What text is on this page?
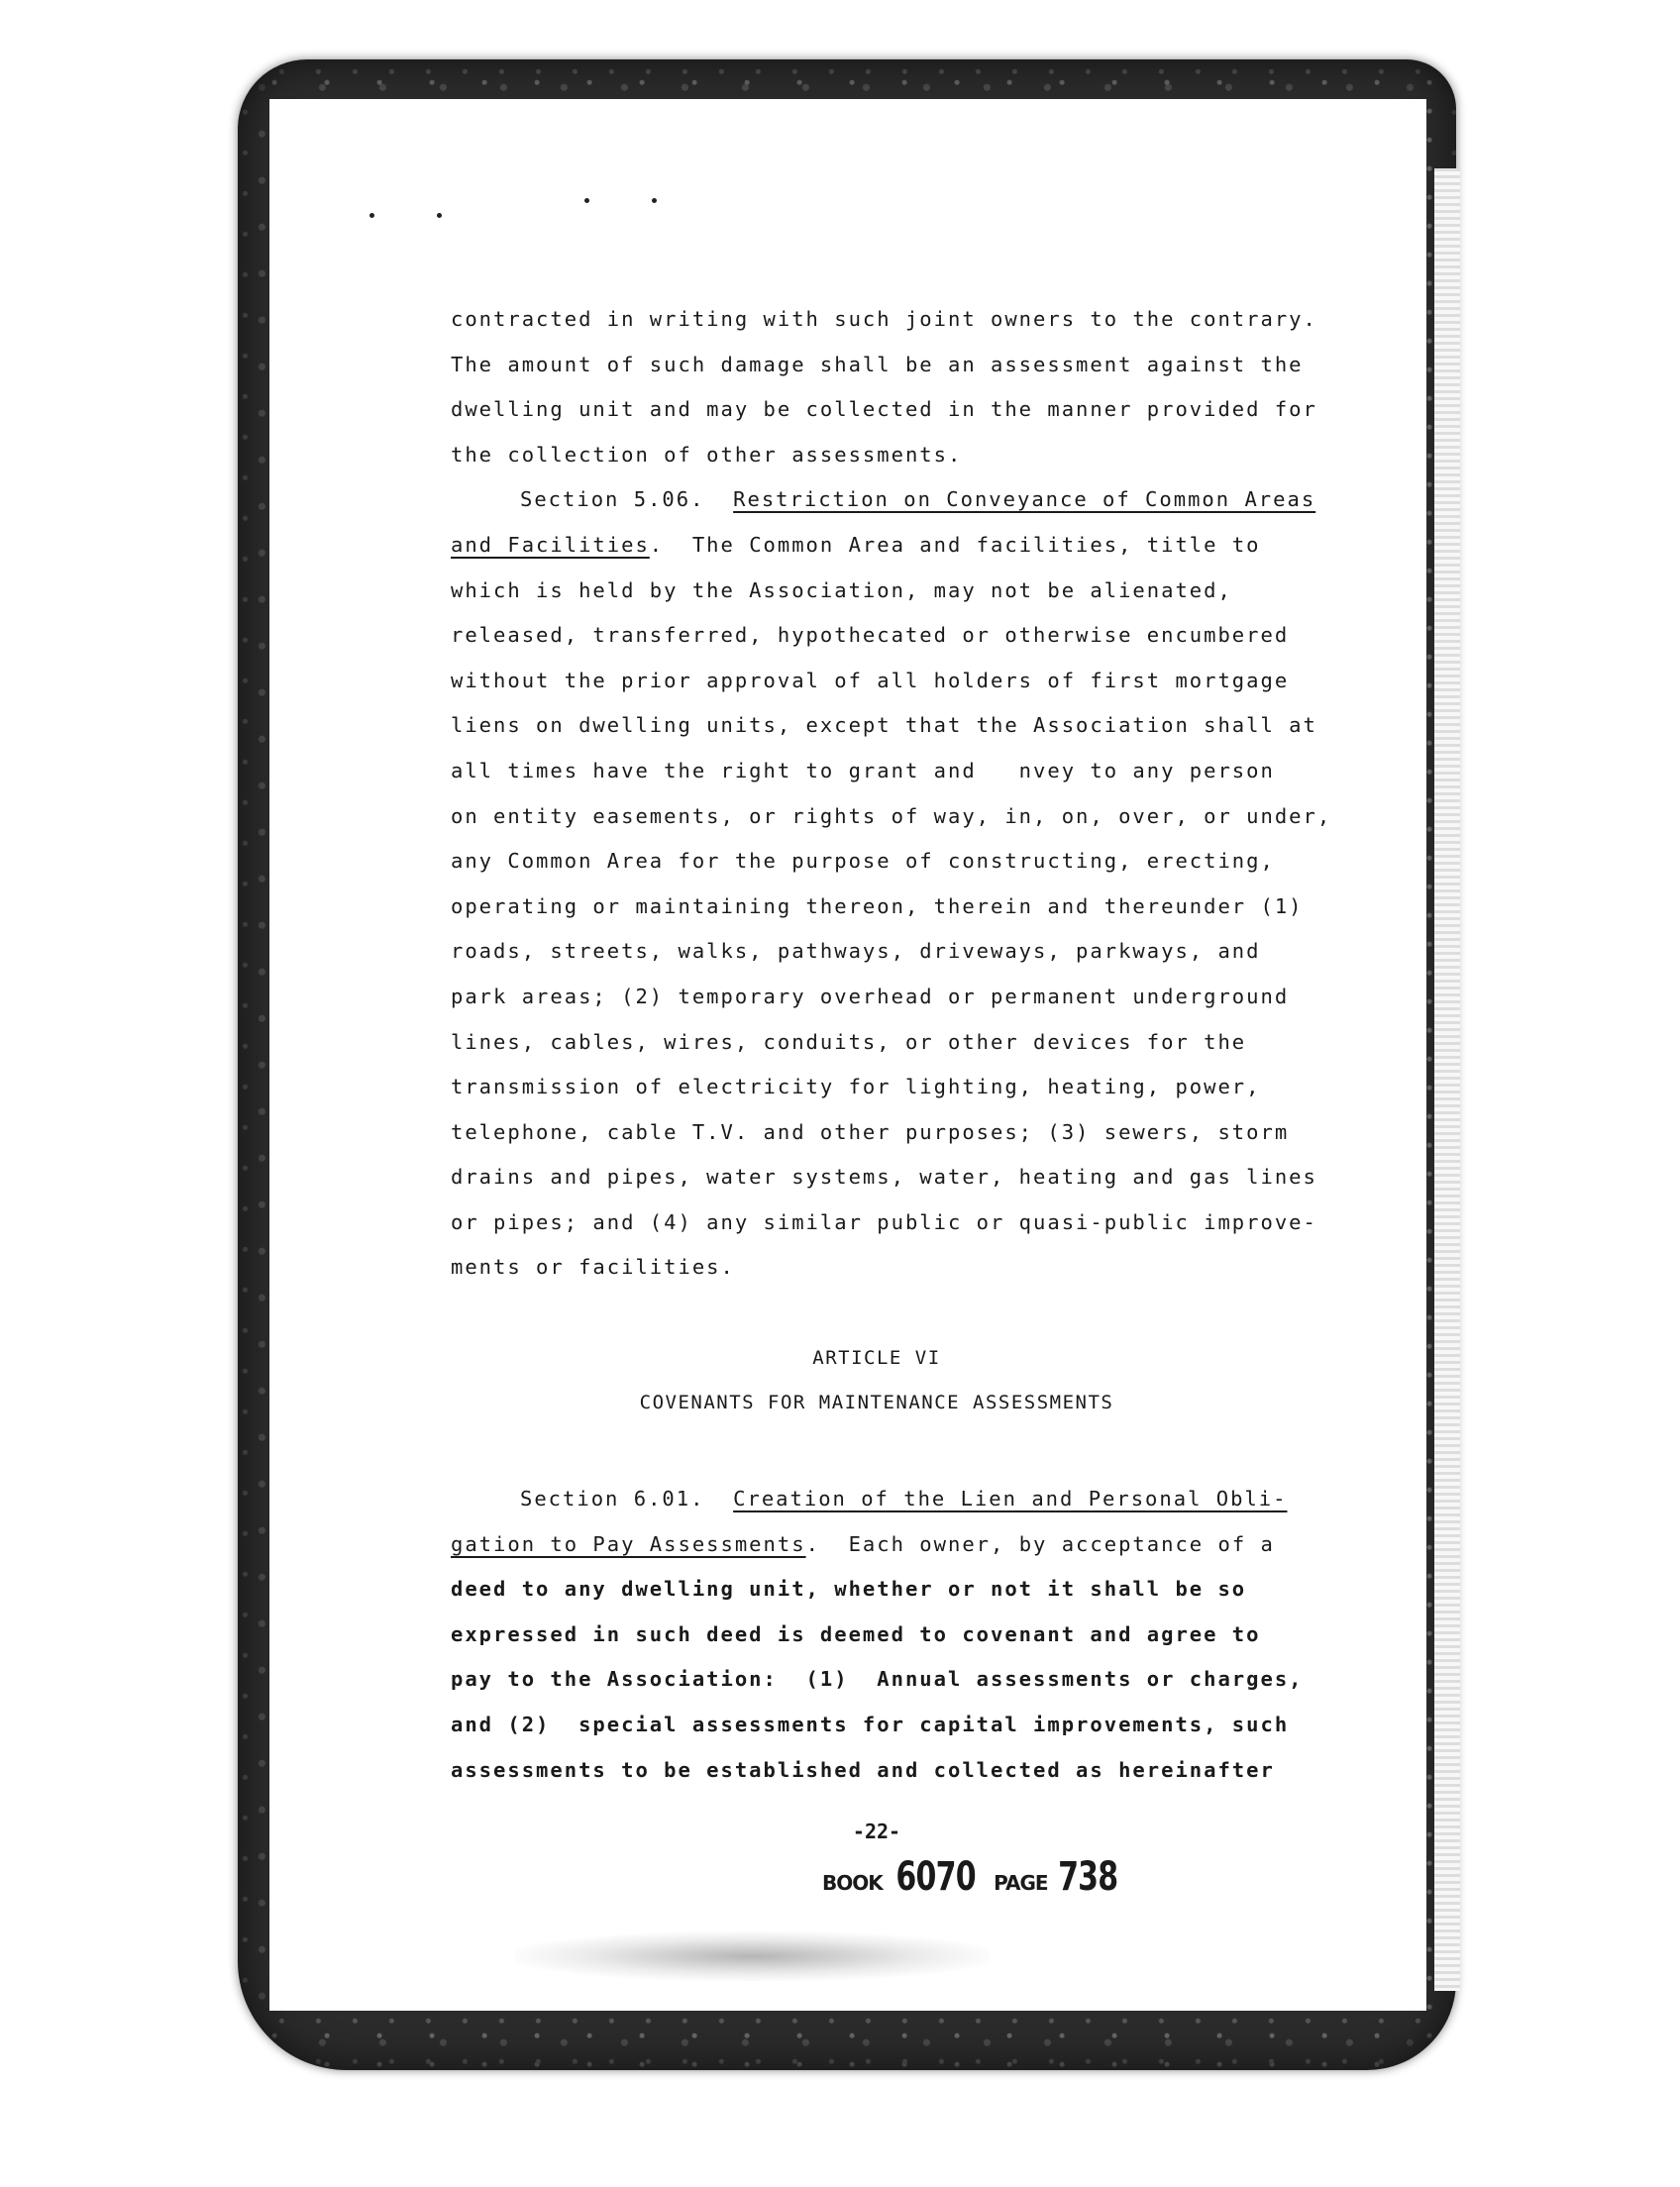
contracted in writing with such joint owners to the contrary.
The amount of such damage shall be an assessment against the
dwelling unit and may be collected in the manner provided for
the collection of other assessments.
Section 5.06.  Restriction on Conveyance of Common Areas
and Facilities.  The Common Area and facilities, title to
which is held by the Association, may not be alienated,
released, transferred, hypothecated or otherwise encumbered
without the prior approval of all holders of first mortgage
liens on dwelling units, except that the Association shall at
all times have the right to grant and   nvey to any person
on entity easements, or rights of way, in, on, over, or under,
any Common Area for the purpose of constructing, erecting,
operating or maintaining thereon, therein and thereunder (1)
roads, streets, walks, pathways, driveways, parkways, and
park areas; (2) temporary overhead or permanent underground
lines, cables, wires, conduits, or other devices for the
transmission of electricity for lighting, heating, power,
telephone, cable T.V. and other purposes; (3) sewers, storm
drains and pipes, water systems, water, heating and gas lines
or pipes; and (4) any similar public or quasi-public improve-
ments or facilities.
ARTICLE VI
COVENANTS FOR MAINTENANCE ASSESSMENTS
Section 6.01.  Creation of the Lien and Personal Obli-
gation to Pay Assessments.  Each owner, by acceptance of a
deed to any dwelling unit, whether or not it shall be so
expressed in such deed is deemed to covenant and agree to
pay to the Association:  (1)  Annual assessments or charges,
and (2)  special assessments for capital improvements, such
assessments to be established and collected as hereinafter
-22-
BOOK 6070 PAGE 738
